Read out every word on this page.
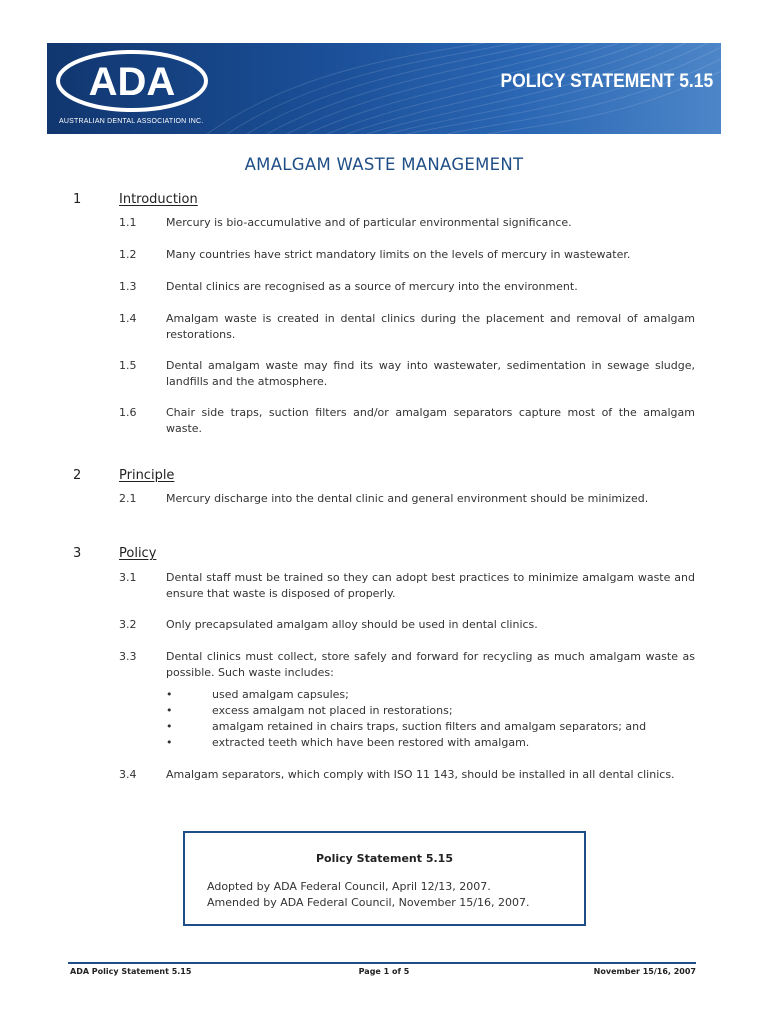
ADA
AUSTRALIAN DENTAL ASSOCIATION INC.
POLICY STATEMENT 5.15
AMALGAM WASTE MANAGEMENT
1	Introduction
1.1	Mercury is bio-accumulative and of particular environmental significance.
1.2	Many countries have strict mandatory limits on the levels of mercury in wastewater.
1.3	Dental clinics are recognised as a source of mercury into the environment.
1.4	Amalgam waste is created in dental clinics during the placement and removal of amalgam restorations.
1.5	Dental amalgam waste may find its way into wastewater, sedimentation in sewage sludge, landfills and the atmosphere.
1.6	Chair side traps, suction filters and/or amalgam separators capture most of the amalgam waste.
2	Principle
2.1	Mercury discharge into the dental clinic and general environment should be minimized.
3	Policy
3.1	Dental staff must be trained so they can adopt best practices to minimize amalgam waste and ensure that waste is disposed of properly.
3.2	Only precapsulated amalgam alloy should be used in dental clinics.
3.3	Dental clinics must collect, store safely and forward for recycling as much amalgam waste as possible. Such waste includes:
•	used amalgam capsules;
•	excess amalgam not placed in restorations;
•	amalgam retained in chairs traps, suction filters and amalgam separators; and
•	extracted teeth which have been restored with amalgam.
3.4	Amalgam separators, which comply with ISO 11 143, should be installed in all dental clinics.
Policy Statement 5.15
Adopted by ADA Federal Council, April 12/13, 2007.
Amended by ADA Federal Council, November 15/16, 2007.
ADA Policy Statement 5.15	Page 1 of 5	November 15/16, 2007
